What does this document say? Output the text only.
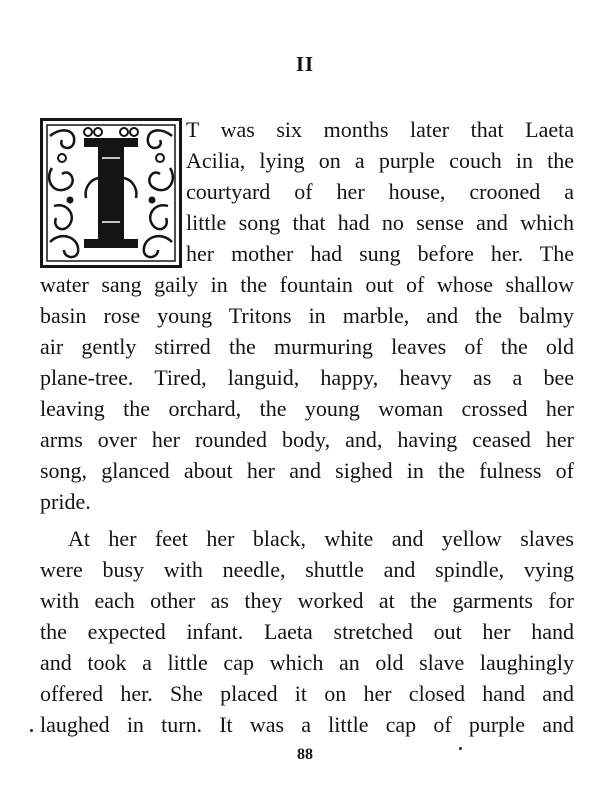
II
T was six months later that Laeta
Acilia, lying on a purple couch in the
courtyard of her house, crooned a
little song that had no sense and which
her mother had sung before her. The
water sang gaily in the fountain out of whose shallow
basin rose young Tritons in marble, and the balmy
air gently stirred the murmuring leaves of the old
plane-tree. Tired, languid, happy, heavy as a bee
leaving the orchard, the young woman crossed her
arms over her rounded body, and, having ceased her
song, glanced about her and sighed in the fulness of
pride.
At her feet her black, white and yellow slaves
were busy with needle, shuttle and spindle, vying
with each other as they worked at the garments for
the expected infant. Laeta stretched out her hand
and took a little cap which an old slave laughingly
offered her. She placed it on her closed hand and
laughed in turn. It was a little cap of purple and
88
